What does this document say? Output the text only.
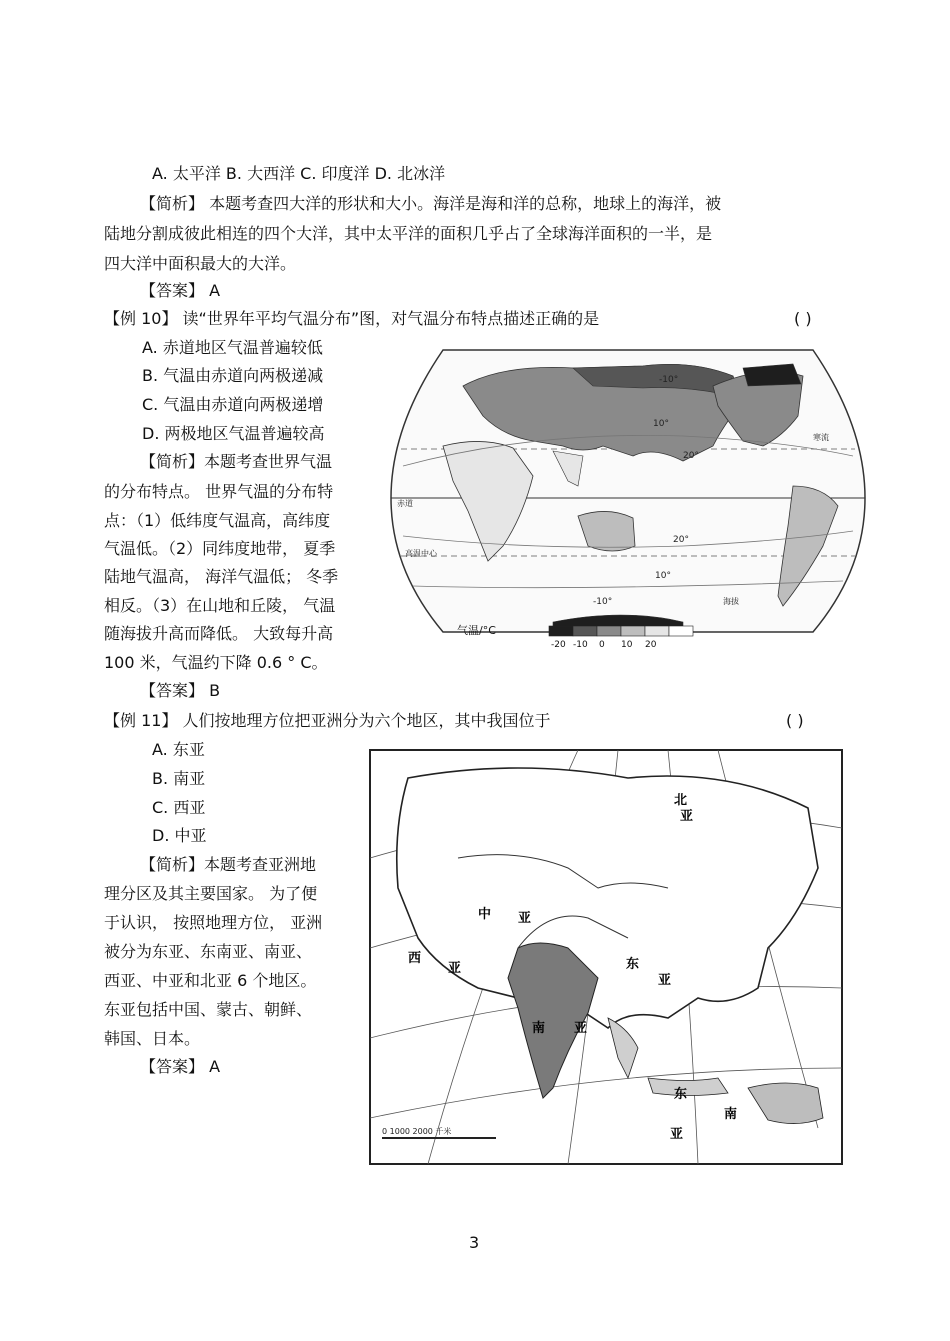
A. 太平洋 B. 大西洋 C. 印度洋 D. 北冰洋
【简析】 本题考查四大洋的形状和大小。海洋是海和洋的总称，地球上的海洋，被
陆地分割成彼此相连的四个大洋，其中太平洋的面积几乎占了全球海洋面积的一半，是
四大洋中面积最大的大洋。
【答案】 A
【例 10】 读“世界年平均气温分布”图，对气温分布特点描述正确的是	( )
A. 赤道地区气温普遍较低
B. 气温由赤道向两极递减
C. 气温由赤道向两极递增
D. 两极地区气温普遍较高
【简析】本题考查世界气温
的分布特点。 世界气温的分布特
点：（1）低纬度气温高，高纬度
气温低。（2）同纬度地带， 夏季
陆地气温高， 海洋气温低； 冬季
相反。（3）在山地和丘陵， 气温
随海拔升高而降低。 大致每升高
100 米，气温约下降 0.6 ° C。
【答案】 B
-10°
10°
20°
20°
10°
-10°
赤道
高温中心
寒流
海拔
气温/°C
-20 -10 0 10 20
【例 11】 人们按地理方位把亚洲分为六个地区，其中我国位于	( )
A. 东亚
B. 南亚
C. 西亚
D. 中亚
【简析】本题考查亚洲地
理分区及其主要国家。 为了便
于认识， 按照地理方位， 亚洲
被分为东亚、东南亚、南亚、
西亚、中亚和北亚 6 个地区。
东亚包括中国、蒙古、朝鲜、
韩国、日本。
【答案】 A
北
亚
中 亚
西
亚	东
亚
南 亚
东
南
亚
0 1000 2000 千米
3
